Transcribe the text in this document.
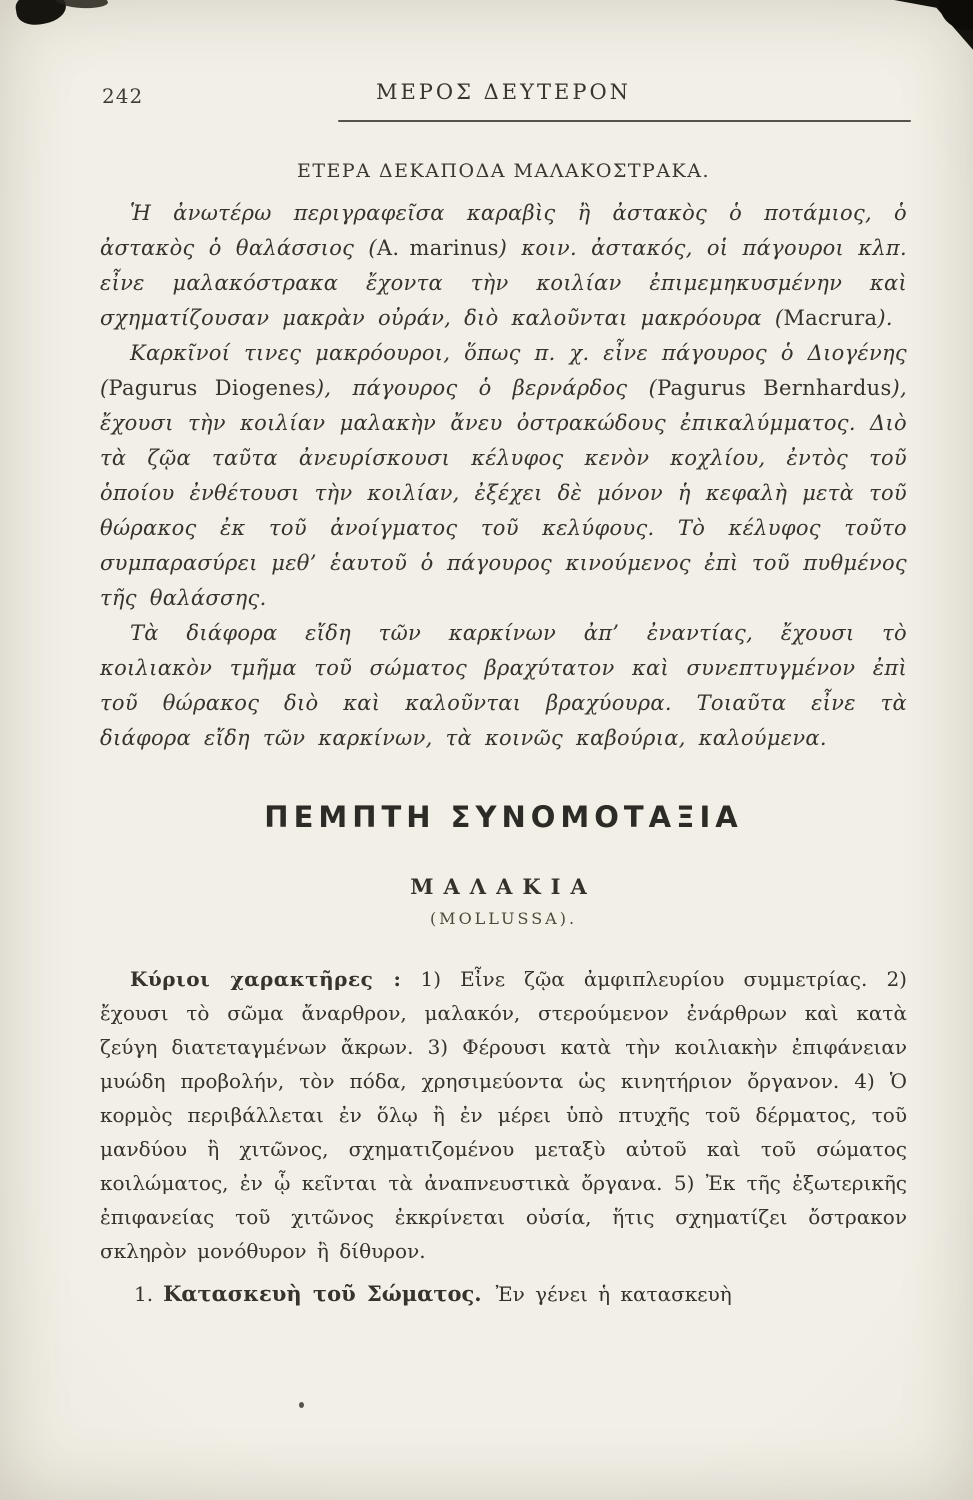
242	ΜΕΡΟΣ ΔΕΥΤΕΡΟΝ
ΕΤΕΡΑ ΔΕΚΑΠΟΔΑ ΜΑΛΑΚΟΣΤΡΑΚΑ.

Ἡ ἀνωτέρω περιγραφεῖσα καραβὶς ἢ ἀστακὸς ὁ ποτάμιος, ὁ ἀστακὸς ὁ θαλάσσιος (A. marinus) κοιν. ἀστακός, οἱ πάγουροι κλπ. εἶνε μαλακόστρακα ἔχοντα τὴν κοιλίαν ἐπιμεμηκυσμένην καὶ σχηματίζουσαν μακρὰν οὐράν, διὸ καλοῦνται μακρόουρα (Macrura).

Καρκῖνοί τινες μακρόουροι, ὅπως π. χ. εἶνε πάγουρος ὁ Διογένης (Pagurus Diogenes), πάγουρος ὁ βερνάρδος (Pagurus Bernhardus), ἔχουσι τὴν κοιλίαν μαλακὴν ἄνευ ὀστρακώδους ἐπικαλύμματος. Διὸ τὰ ζῷα ταῦτα ἀνευρίσκουσι κέλυφος κενὸν κοχλίου, ἐντὸς τοῦ ὁποίου ἐνθέτουσι τὴν κοιλίαν, ἐξέχει δὲ μόνον ἡ κεφαλὴ μετὰ τοῦ θώρακος ἐκ τοῦ ἀνοίγματος τοῦ κελύφους. Τὸ κέλυφος τοῦτο συμπαρασύρει μεθ’ ἑαυτοῦ ὁ πάγουρος κινούμενος ἐπὶ τοῦ πυθμένος τῆς θαλάσσης.

Τὰ διάφορα εἴδη τῶν καρκίνων ἀπ’ ἐναντίας, ἔχουσι τὸ κοιλιακὸν τμῆμα τοῦ σώματος βραχύτατον καὶ συνεπτυγμένον ἐπὶ τοῦ θώρακος διὸ καὶ καλοῦνται βραχύουρα. Τοιαῦτα εἶνε τὰ διάφορα εἴδη τῶν καρκίνων, τὰ κοινῶς καβούρια, καλούμενα.

ΠΕΜΠΤΗ ΣΥΝΟΜΟΤΑΞΙΑ
ΜΑΛΑΚΙΑ
(MOLLUSSA).

Κύριοι χαρακτῆρες : 1) Εἶνε ζῷα ἀμφιπλευρίου συμμετρίας. 2) ἔχουσι τὸ σῶμα ἄναρθρον, μαλακόν, στερούμενον ἐνάρθρων καὶ κατὰ ζεύγη διατεταγμένων ἄκρων. 3) Φέρουσι κατὰ τὴν κοιλιακὴν ἐπιφάνειαν μυώδη προβολήν, τὸν πόδα, χρησιμεύοντα ὡς κινητήριον ὄργανον. 4) Ὁ κορμὸς περιβάλλεται ἐν ὅλῳ ἢ ἐν μέρει ὑπὸ πτυχῆς τοῦ δέρματος, τοῦ μανδύου ἢ χιτῶνος, σχηματιζομένου μεταξὺ αὐτοῦ καὶ τοῦ σώματος κοιλώματος, ἐν ᾧ κεῖνται τὰ ἀναπνευστικὰ ὄργανα. 5) Ἐκ τῆς ἐξωτερικῆς ἐπιφανείας τοῦ χιτῶνος ἐκκρίνεται οὐσία, ἥτις σχηματίζει ὄστρακον σκληρὸν μονόθυρον ἢ δίθυρον.

1. Κατασκευὴ τοῦ Σώματος. Ἐν γένει ἡ κατασκευὴ
